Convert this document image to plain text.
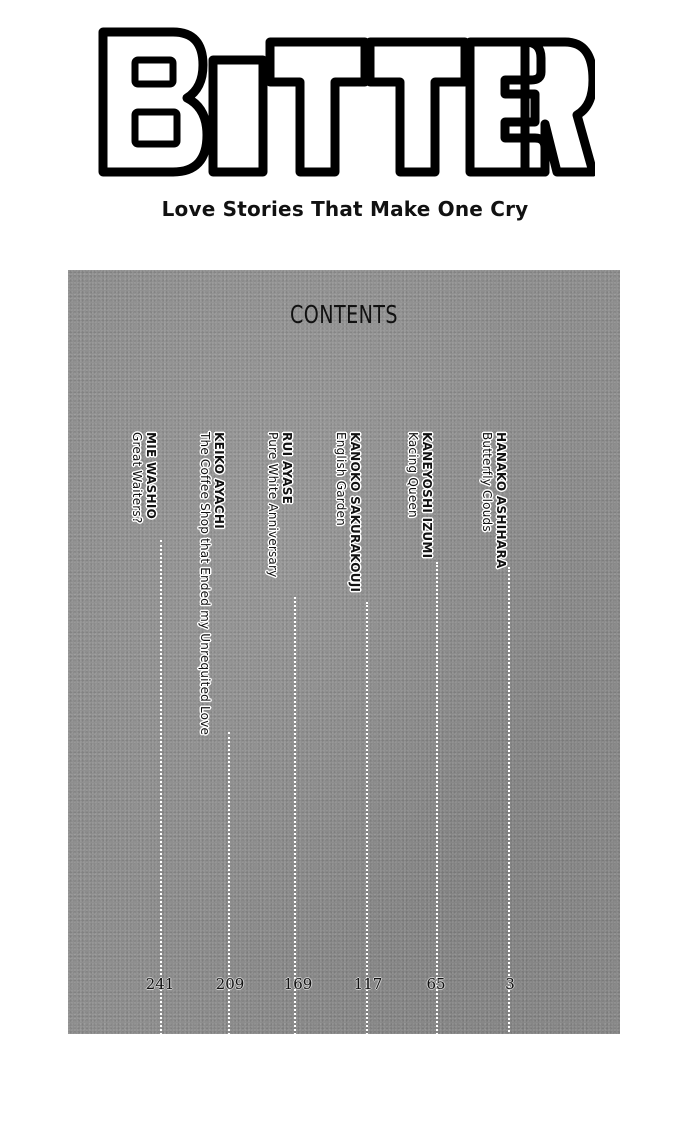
Love Stories That Make One Cry
CONTENTS
HANAKO ASHIHARA
Butterfly Clouds
KANEYOSHI IZUMI
Kacing Queen
KANOKO SAKURAKOUJI
English Garden
RUI AYASE
Pure White Anniversary
KEIKO AYACHI
The Coffee Shop that Ended my Unrequited Love
MIE WASHIO
Great Waiters?
3
65
117
169
209
241
